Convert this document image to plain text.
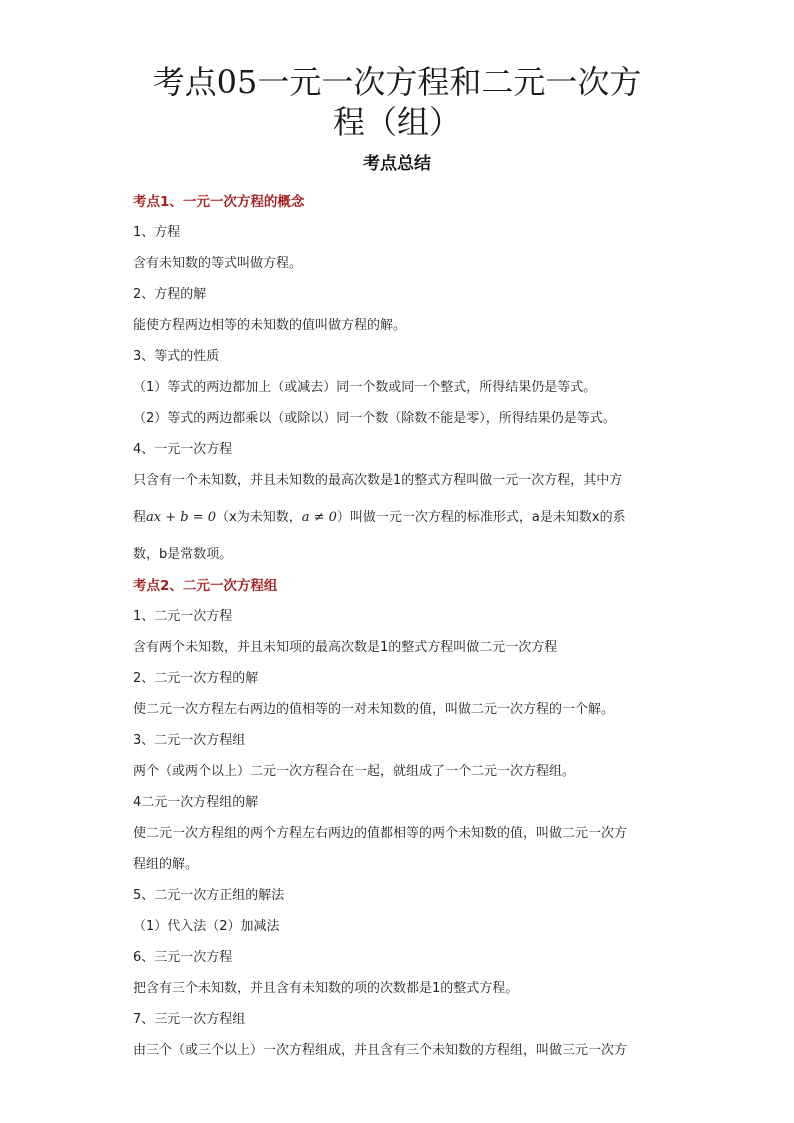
考点05一元一次方程和二元一次方
程（组）
考点总结
考点1、一元一次方程的概念
1、方程
含有未知数的等式叫做方程。
2、方程的解
能使方程两边相等的未知数的值叫做方程的解。
3、等式的性质
（1）等式的两边都加上（或减去）同一个数或同一个整式，所得结果仍是等式。
（2）等式的两边都乘以（或除以）同一个数（除数不能是零），所得结果仍是等式。
4、一元一次方程
只含有一个未知数，并且未知数的最高次数是1的整式方程叫做一元一次方程，其中方
程ax + b = 0（x为未知数，a ≠ 0）叫做一元一次方程的标准形式，a是未知数x的系
数，b是常数项。
考点2、二元一次方程组
1、二元一次方程
含有两个未知数，并且未知项的最高次数是1的整式方程叫做二元一次方程
2、二元一次方程的解
使二元一次方程左右两边的值相等的一对未知数的值，叫做二元一次方程的一个解。
3、二元一次方程组
两个（或两个以上）二元一次方程合在一起，就组成了一个二元一次方程组。
4二元一次方程组的解
使二元一次方程组的两个方程左右两边的值都相等的两个未知数的值，叫做二元一次方
程组的解。
5、二元一次方正组的解法
（1）代入法（2）加减法
6、三元一次方程
把含有三个未知数，并且含有未知数的项的次数都是1的整式方程。
7、三元一次方程组
由三个（或三个以上）一次方程组成，并且含有三个未知数的方程组，叫做三元一次方
